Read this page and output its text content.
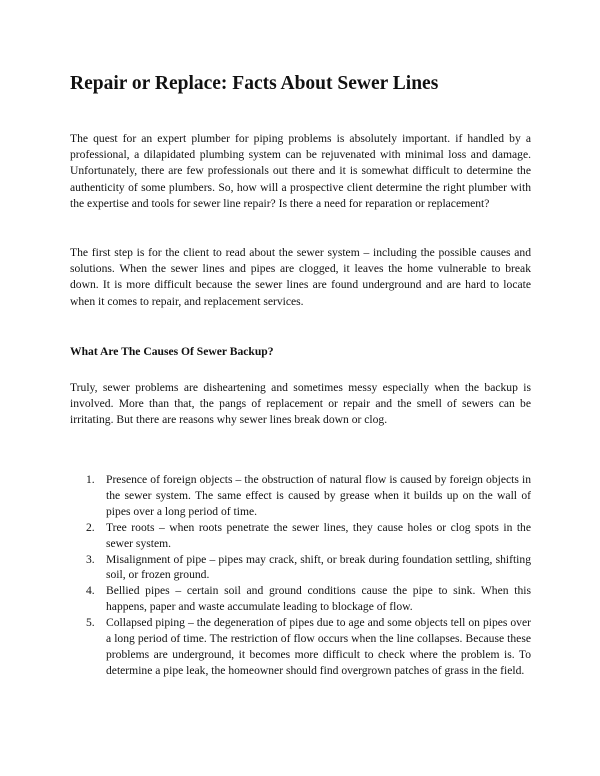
Repair or Replace: Facts About Sewer Lines

The quest for an expert plumber for piping problems is absolutely important. if handled by a professional, a dilapidated plumbing system can be rejuvenated with minimal loss and damage. Unfortunately, there are few professionals out there and it is somewhat difficult to determine the authenticity of some plumbers. So, how will a prospective client determine the right plumber with the expertise and tools for sewer line repair? Is there a need for reparation or replacement?

The first step is for the client to read about the sewer system – including the possible causes and solutions. When the sewer lines and pipes are clogged, it leaves the home vulnerable to break down. It is more difficult because the sewer lines are found underground and are hard to locate when it comes to repair, and replacement services.

What Are The Causes Of Sewer Backup?

Truly, sewer problems are disheartening and sometimes messy especially when the backup is involved. More than that, the pangs of replacement or repair and the smell of sewers can be irritating. But there are reasons why sewer lines break down or clog.

1. Presence of foreign objects – the obstruction of natural flow is caused by foreign objects in the sewer system. The same effect is caused by grease when it builds up on the wall of pipes over a long period of time.
2. Tree roots – when roots penetrate the sewer lines, they cause holes or clog spots in the sewer system.
3. Misalignment of pipe – pipes may crack, shift, or break during foundation settling, shifting soil, or frozen ground.
4. Bellied pipes – certain soil and ground conditions cause the pipe to sink. When this happens, paper and waste accumulate leading to blockage of flow.
5. Collapsed piping – the degeneration of pipes due to age and some objects tell on pipes over a long period of time. The restriction of flow occurs when the line collapses. Because these problems are underground, it becomes more difficult to check where the problem is. To determine a pipe leak, the homeowner should find overgrown patches of grass in the field.
